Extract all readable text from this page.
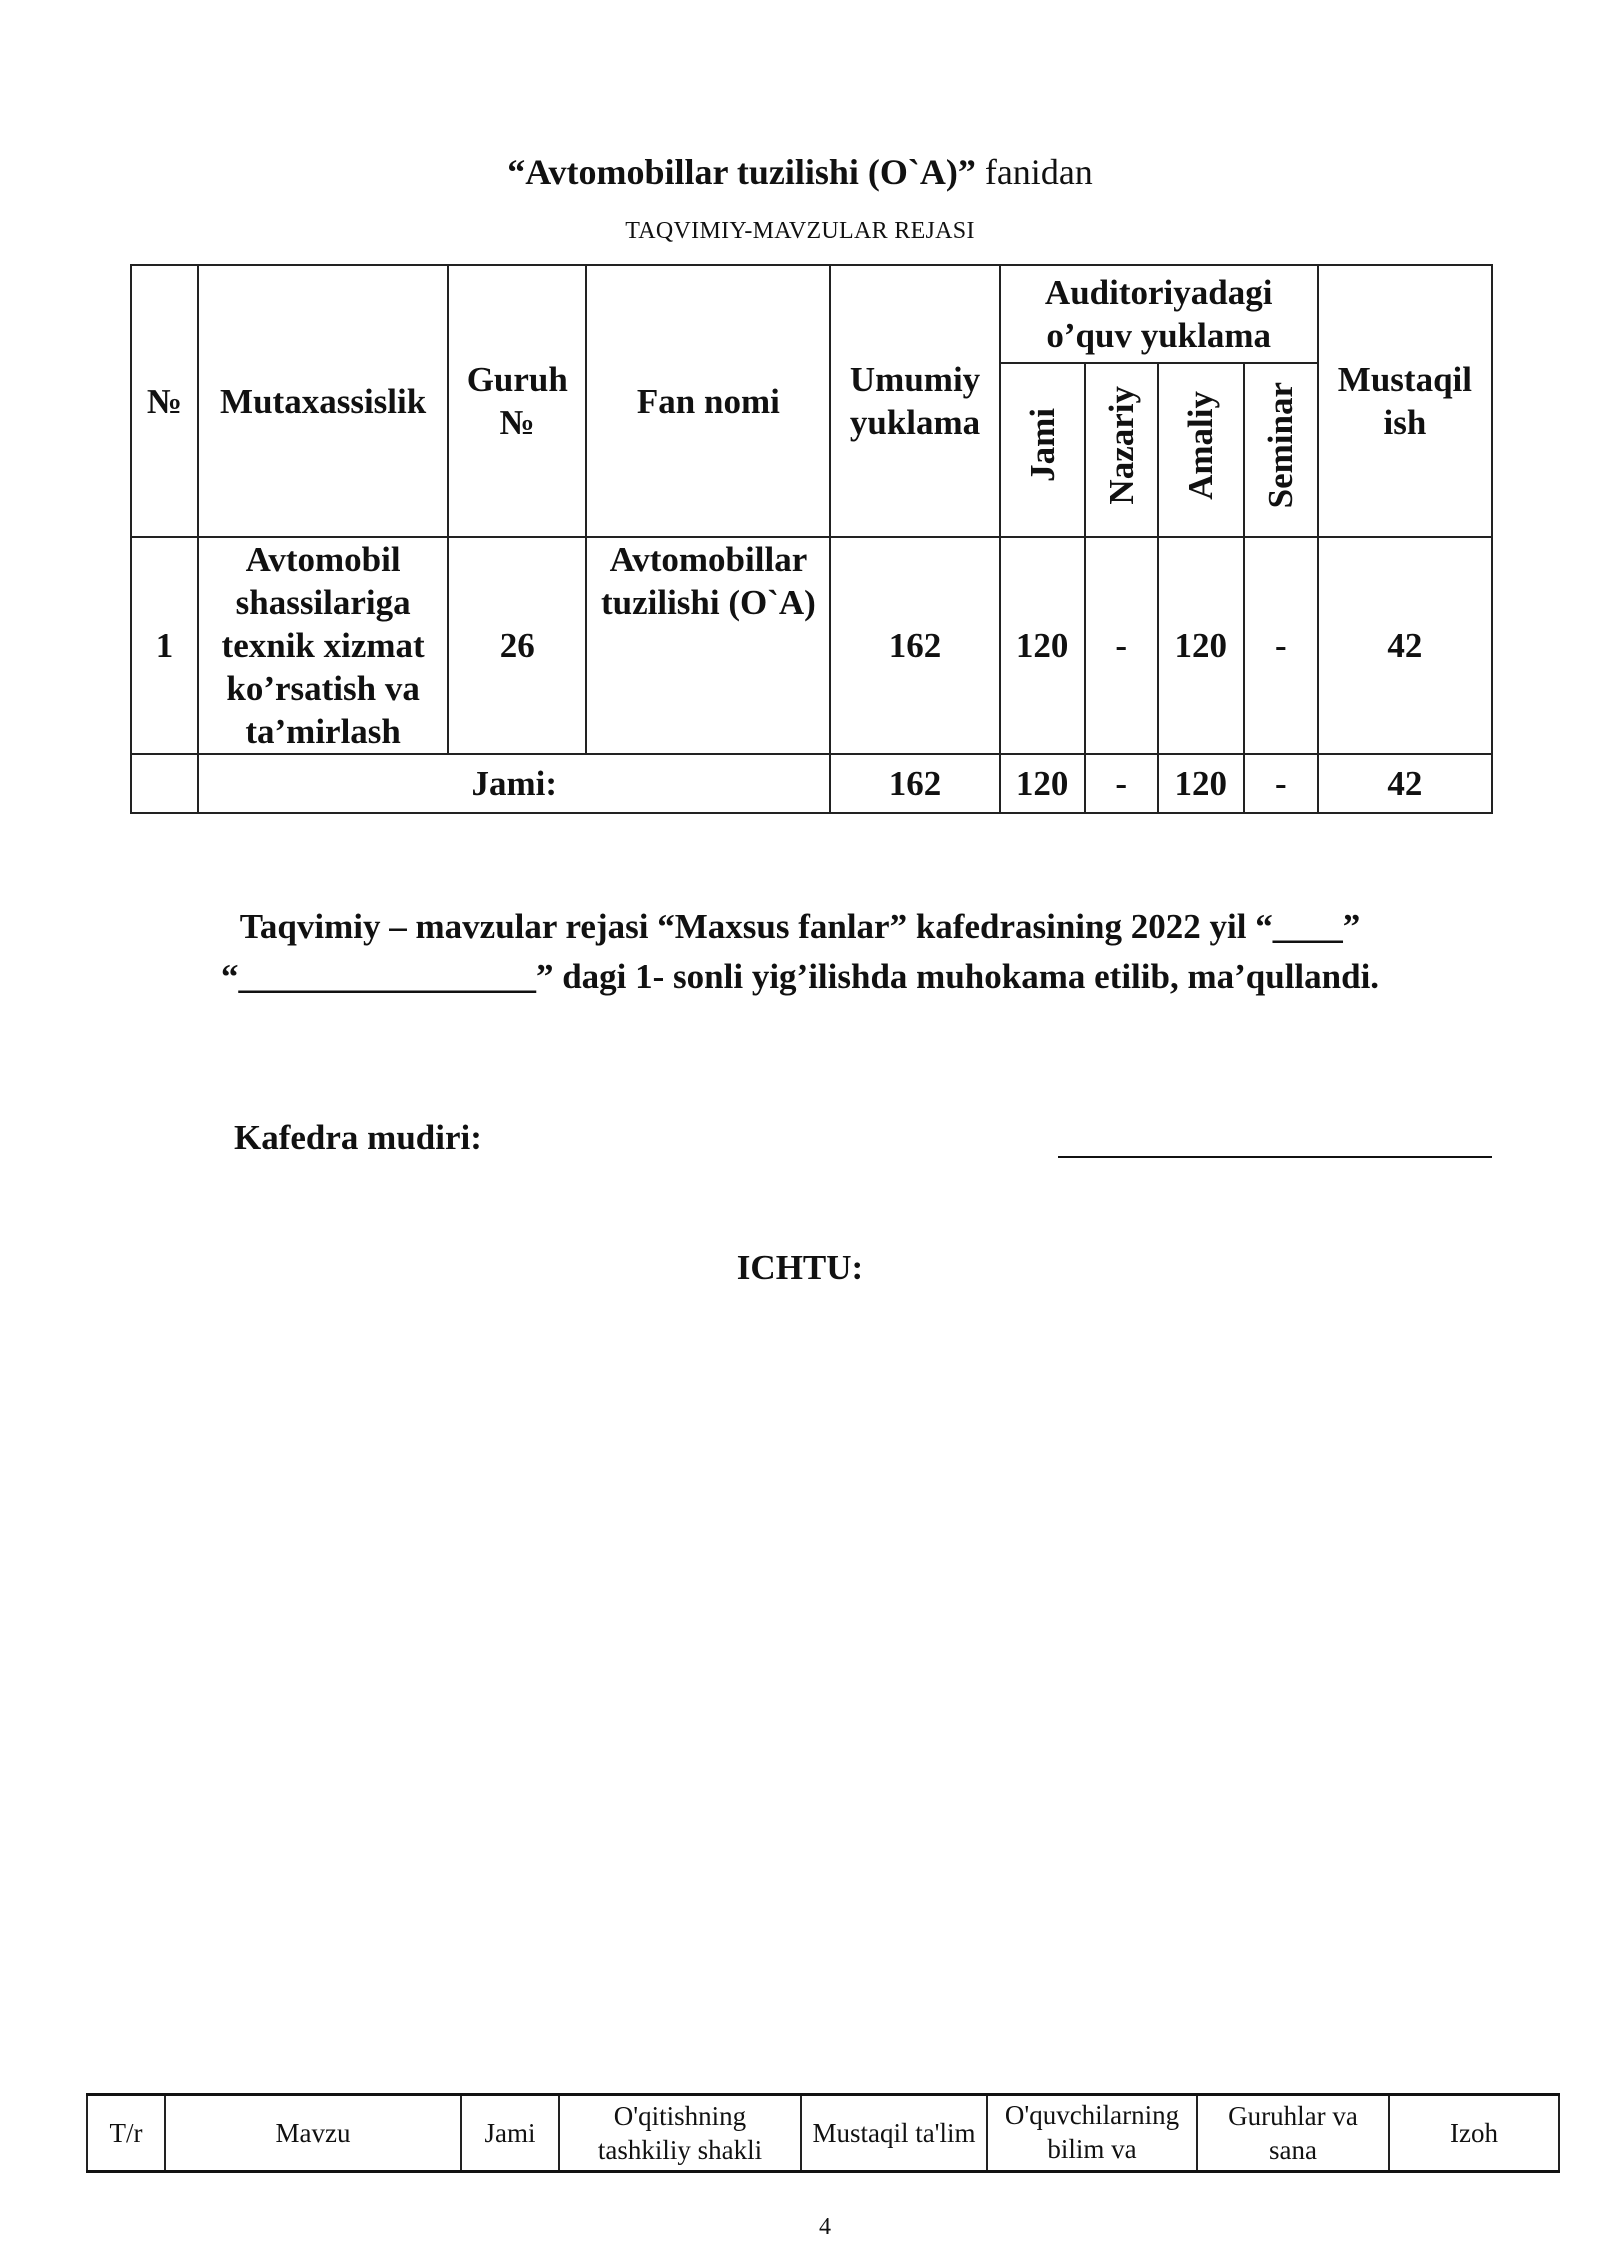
“Avtomobillar tuzilishi (O`A)” fanidan
TAQVIMIY-MAVZULAR REJASI
№	Mutaxassislik	Guruh №	Fan nomi	Umumiy yuklama	Auditoriyadagi o’quv yuklama				Mustaqil ish
					Jami	Nazariy	Amaliy	Seminar	
1	Avtomobil shassilariga texnik xizmat ko’rsatish va ta’mirlash	26	Avtomobillar tuzilishi (O`A)	162	120	-	120	-	42
	Jami:			162	120	-	120	-	42
Taqvimiy – mavzular rejasi “Maxsus fanlar” kafedrasining 2022 yil “____”
“_________________” dagi 1- sonli yig’ilishda muhokama etilib, ma’qullandi.
Kafedra mudiri:
ICHTU:
T/r	Mavzu	Jami	O'qitishning tashkiliy shakli	Mustaqil ta'lim	O'quvchilarning bilim va	Guruhlar va sana	Izoh
4
